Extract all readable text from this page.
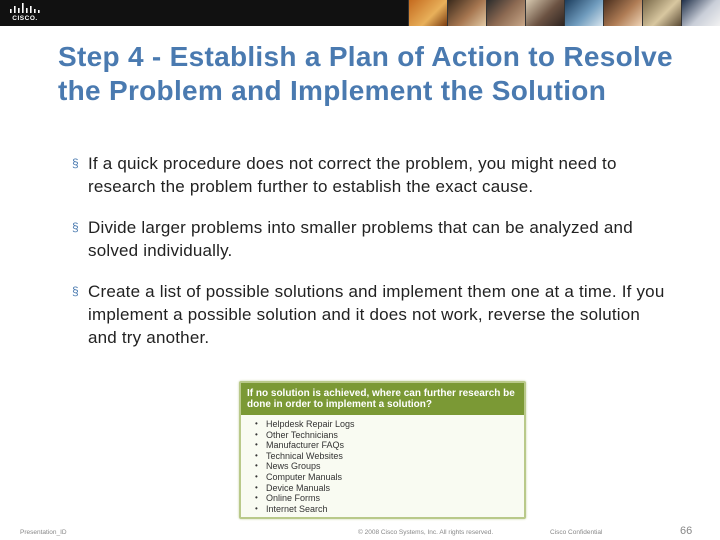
CISCO.
Step 4 - Establish a Plan of Action to Resolve the Problem and Implement the Solution
§ If a quick procedure does not correct the problem, you might need to research the problem further to establish the exact cause.
§ Divide larger problems into smaller problems that can be analyzed and solved individually.
§ Create a list of possible solutions and implement them one at a time. If you implement a possible solution and it does not work, reverse the solution and try another.
If no solution is achieved, where can further research be done in order to implement a solution?
• Helpdesk Repair Logs
• Other Technicians
• Manufacturer FAQs
• Technical Websites
• News Groups
• Computer Manuals
• Device Manuals
• Online Forms
• Internet Search
Presentation_ID	© 2008 Cisco Systems, Inc. All rights reserved.	Cisco Confidential	66
